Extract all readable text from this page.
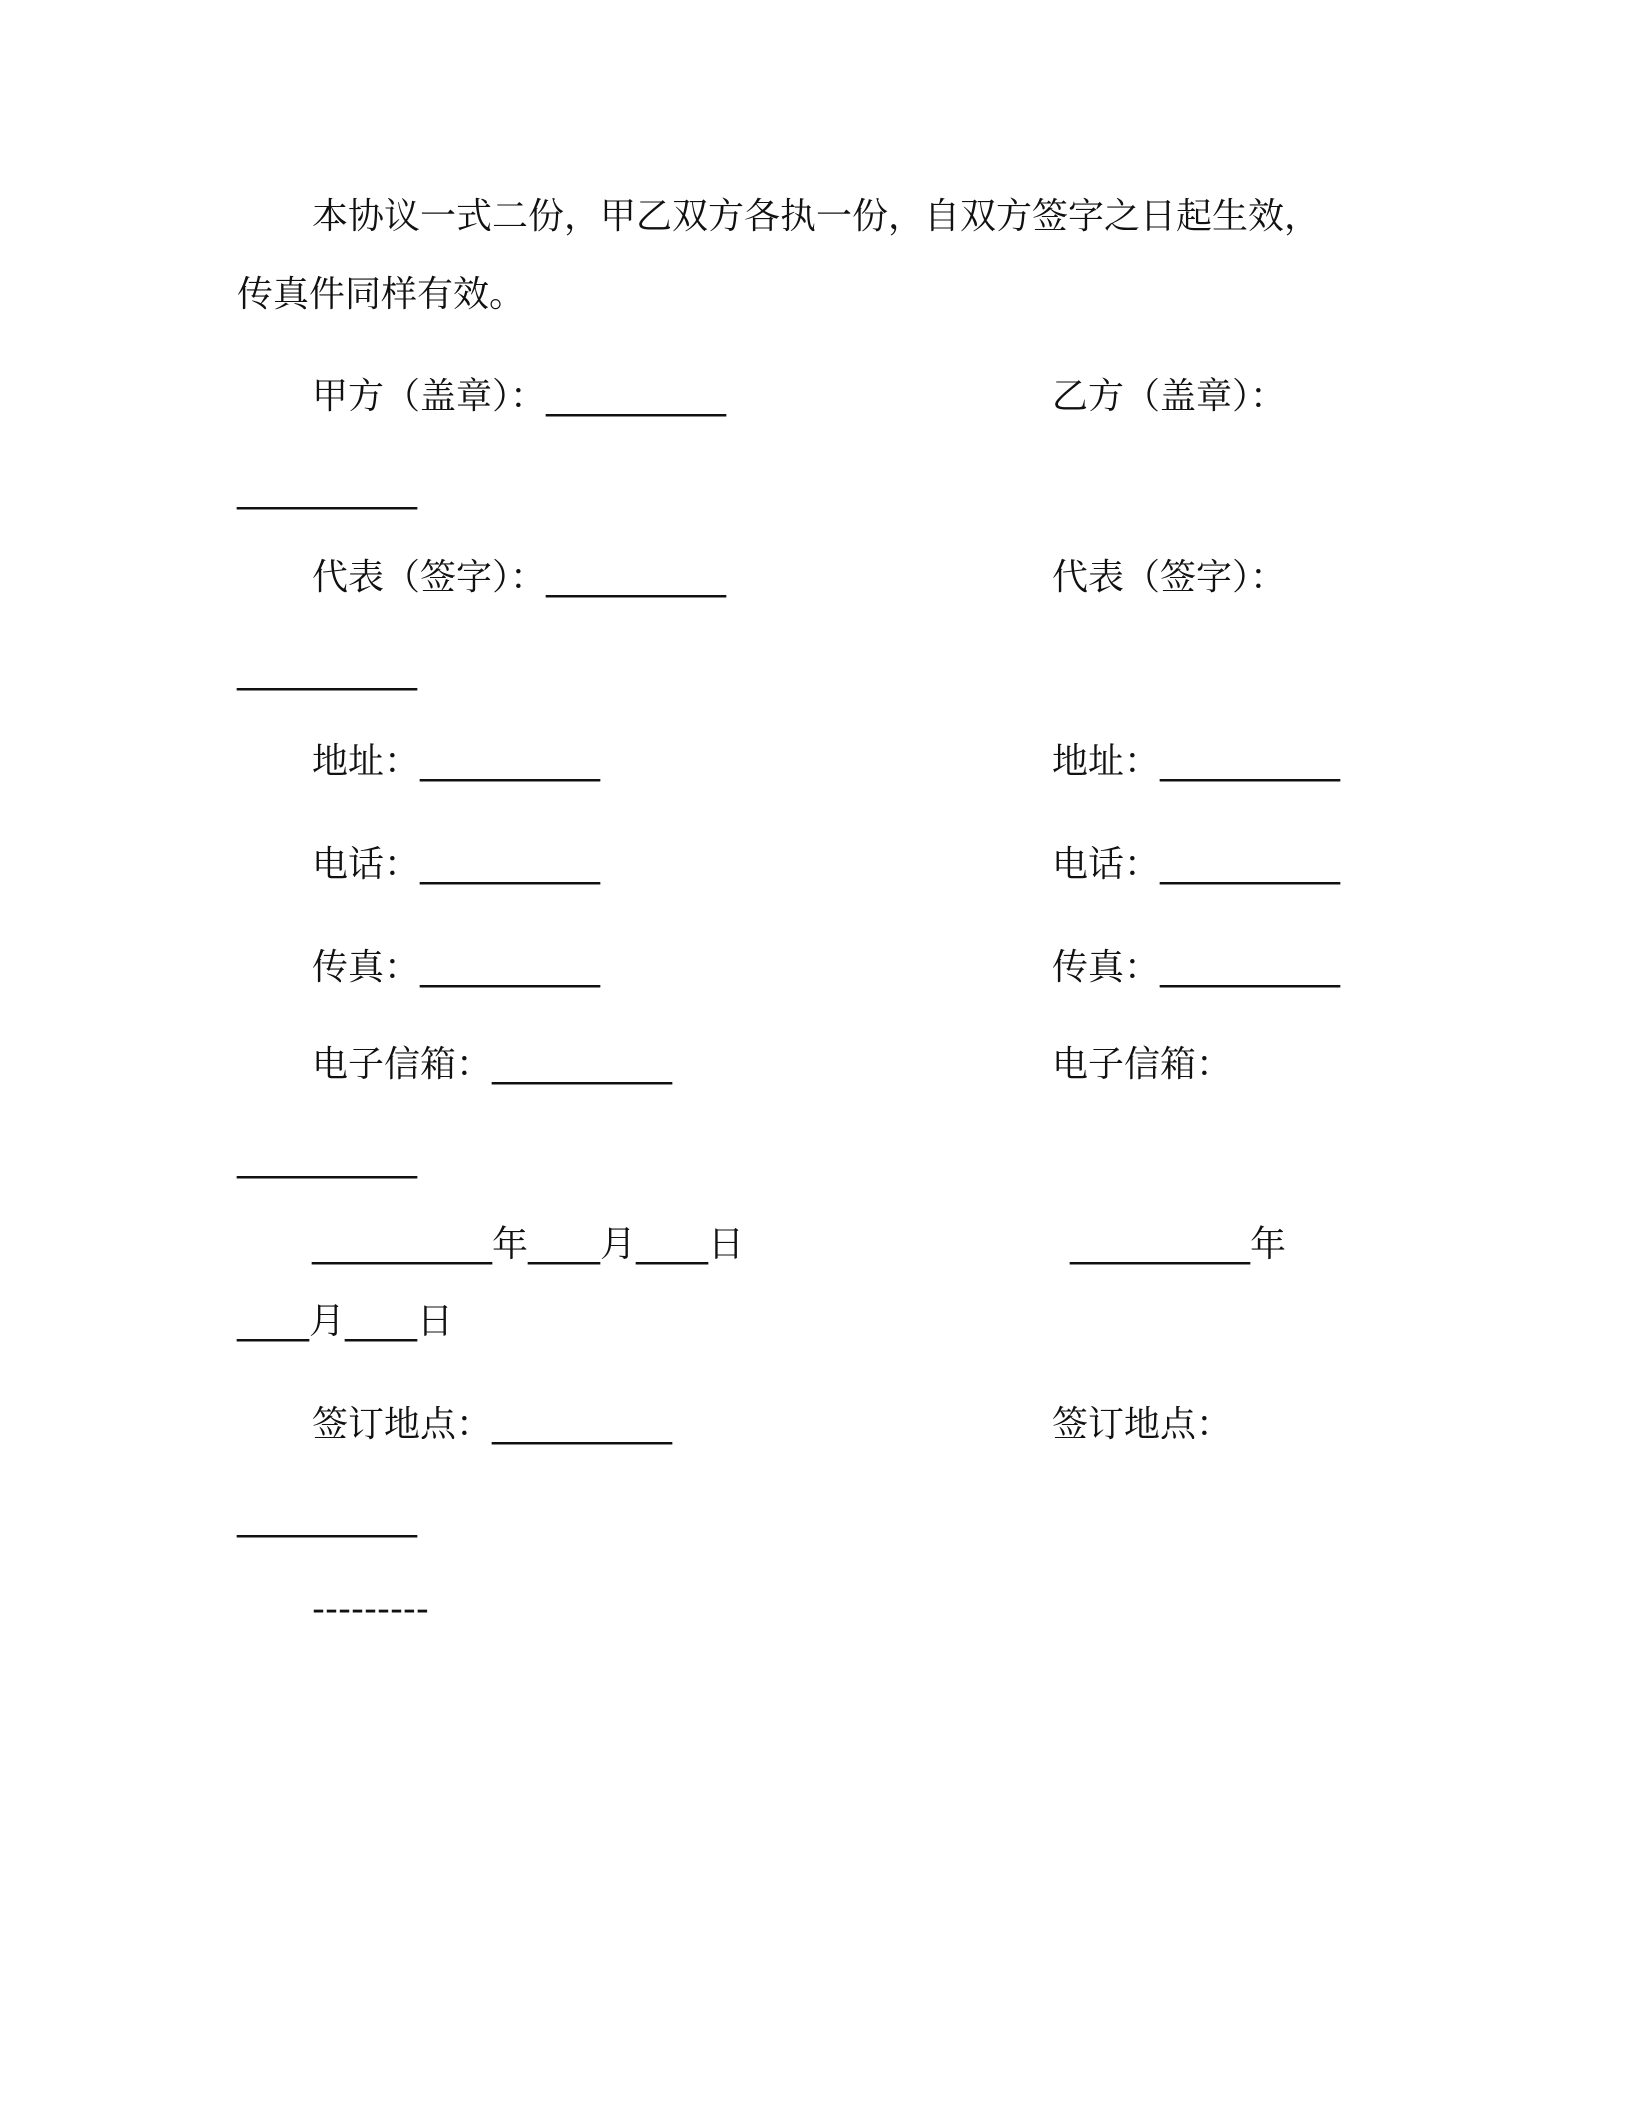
本协议一式二份，甲乙双方各执一份，自双方签字之日起生效，
传真件同样有效。
甲方（盖章）：__________	乙方（盖章）：
__________
代表（签字）：__________	代表（签字）：
__________
地址：__________	地址：__________
电话：__________	电话：__________
传真：__________	传真：__________
电子信箱：__________	电子信箱：
__________
__________年____月____日	__________年
____月____日
签订地点：__________	签订地点：
__________
---------
